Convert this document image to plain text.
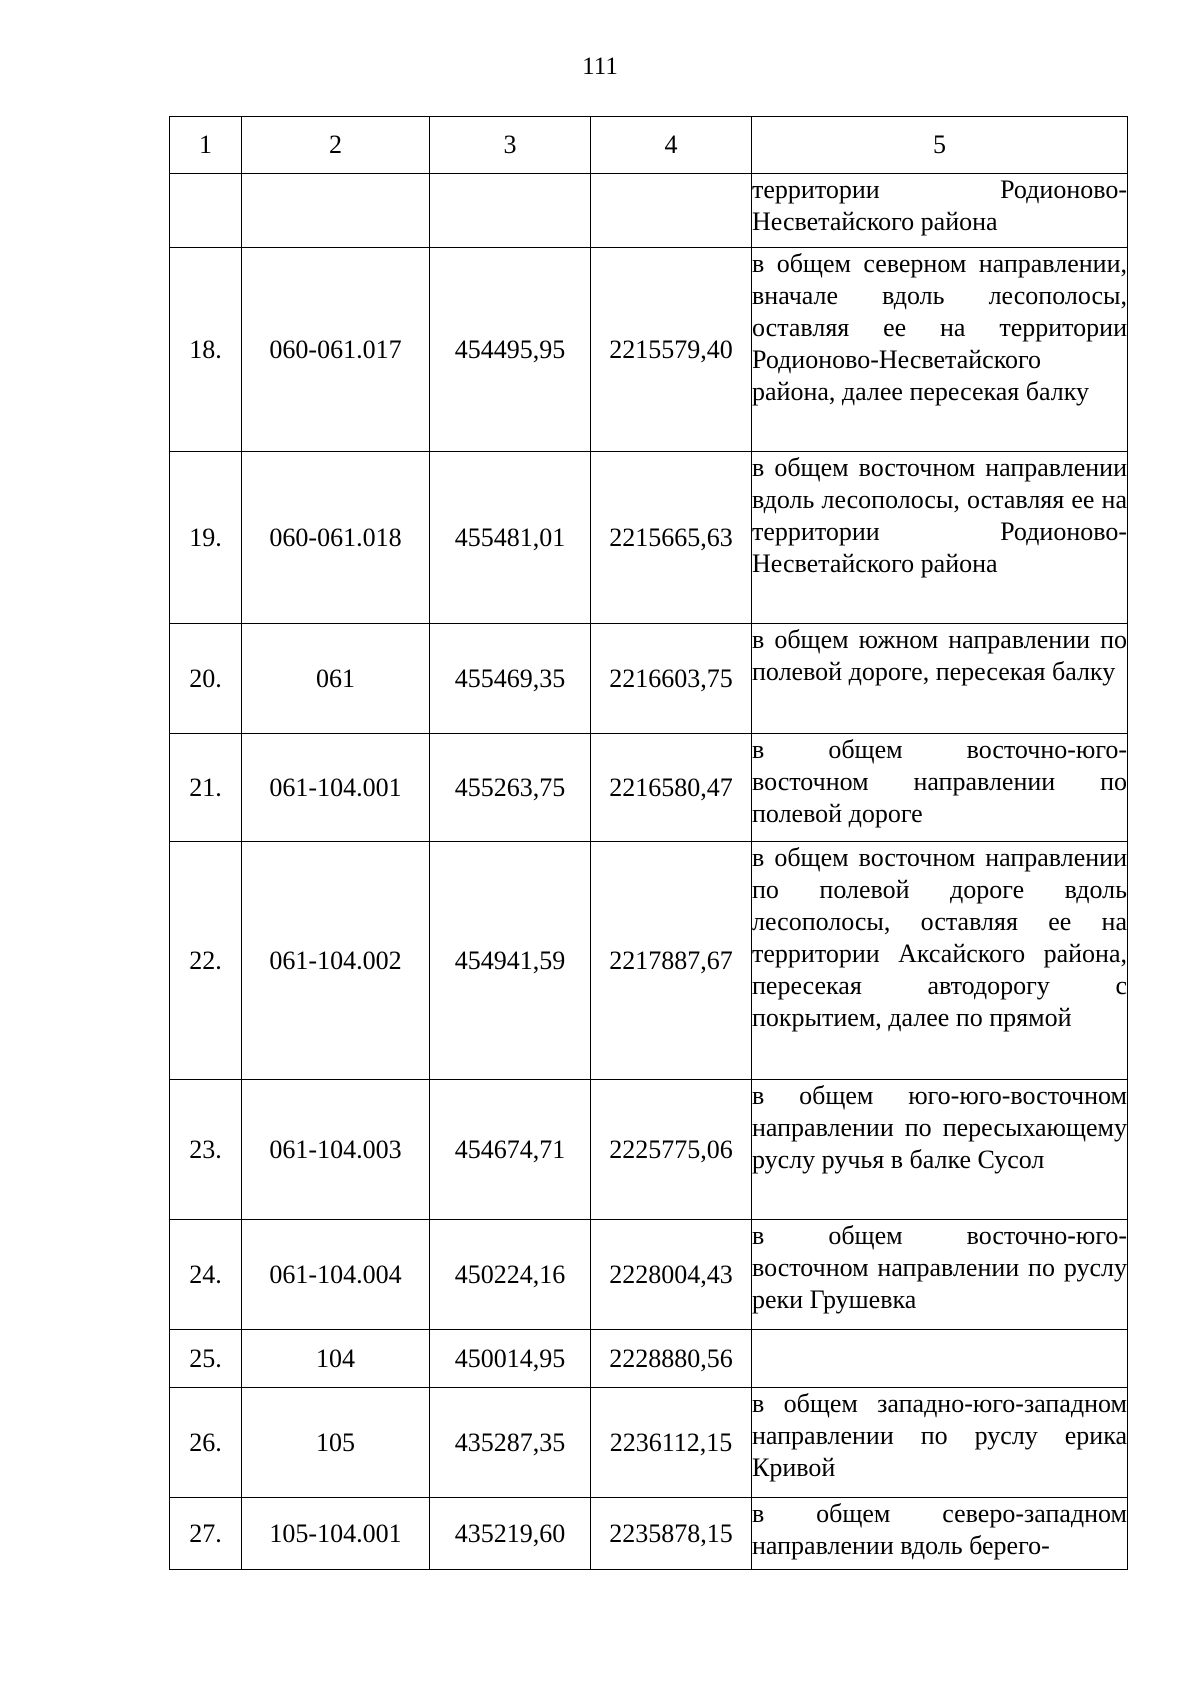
111
1	2	3	4	5
				территории Родионово-Несветайского района
18.	060-061.017	454495,95	2215579,40	в общем северном направлении, вначале вдоль лесополосы, оставляя ее на территории Родионово-Несветайского района, далее пересекая балку
19.	060-061.018	455481,01	2215665,63	в общем восточном направлении вдоль лесополосы, оставляя ее на территории Родионово-Несветайского района
20.	061	455469,35	2216603,75	в общем южном направлении по полевой дороге, пересекая балку
21.	061-104.001	455263,75	2216580,47	в общем восточно-юго-восточном направлении по полевой дороге
22.	061-104.002	454941,59	2217887,67	в общем восточном направлении по полевой дороге вдоль лесополосы, оставляя ее на территории Аксайского района, пересекая автодорогу с покрытием, далее по прямой
23.	061-104.003	454674,71	2225775,06	в общем юго-юго-восточном направлении по пересыхающему руслу ручья в балке Сусол
24.	061-104.004	450224,16	2228004,43	в общем восточно-юго-восточном направлении по руслу реки Грушевка
25.	104	450014,95	2228880,56	
26.	105	435287,35	2236112,15	в общем западно-юго-западном направлении по руслу ерика Кривой
27.	105-104.001	435219,60	2235878,15	в общем северо-западном направлении вдоль берего-
